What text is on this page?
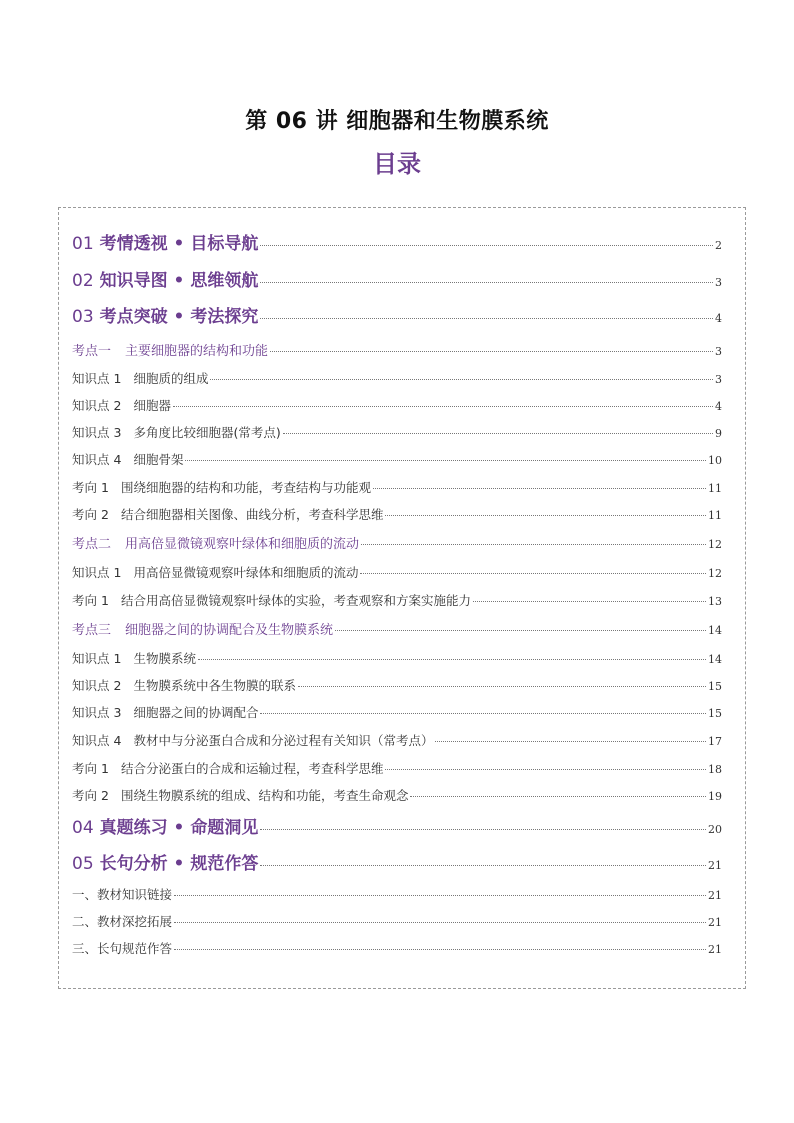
第 06 讲 细胞器和生物膜系统
目录
01 考情透视 • 目标导航	2
02 知识导图 • 思维领航	3
03 考点突破 • 考法探究	4
考点一 主要细胞器的结构和功能	3
知识点 1 细胞质的组成	3
知识点 2 细胞器	4
知识点 3 多角度比较细胞器(常考点)	9
知识点 4 细胞骨架	10
考向 1 围绕细胞器的结构和功能，考查结构与功能观	11
考向 2 结合细胞器相关图像、曲线分析，考查科学思维	11
考点二 用高倍显微镜观察叶绿体和细胞质的流动	12
知识点 1 用高倍显微镜观察叶绿体和细胞质的流动	12
考向 1 结合用高倍显微镜观察叶绿体的实验，考查观察和方案实施能力	13
考点三 细胞器之间的协调配合及生物膜系统	14
知识点 1 生物膜系统	14
知识点 2 生物膜系统中各生物膜的联系	15
知识点 3 细胞器之间的协调配合	15
知识点 4 教材中与分泌蛋白合成和分泌过程有关知识（常考点）	17
考向 1 结合分泌蛋白的合成和运输过程，考查科学思维	18
考向 2 围绕生物膜系统的组成、结构和功能，考查生命观念	19
04 真题练习 • 命题洞见	20
05 长句分析 • 规范作答	21
一、教材知识链接	21
二、教材深挖拓展	21
三、长句规范作答	21
